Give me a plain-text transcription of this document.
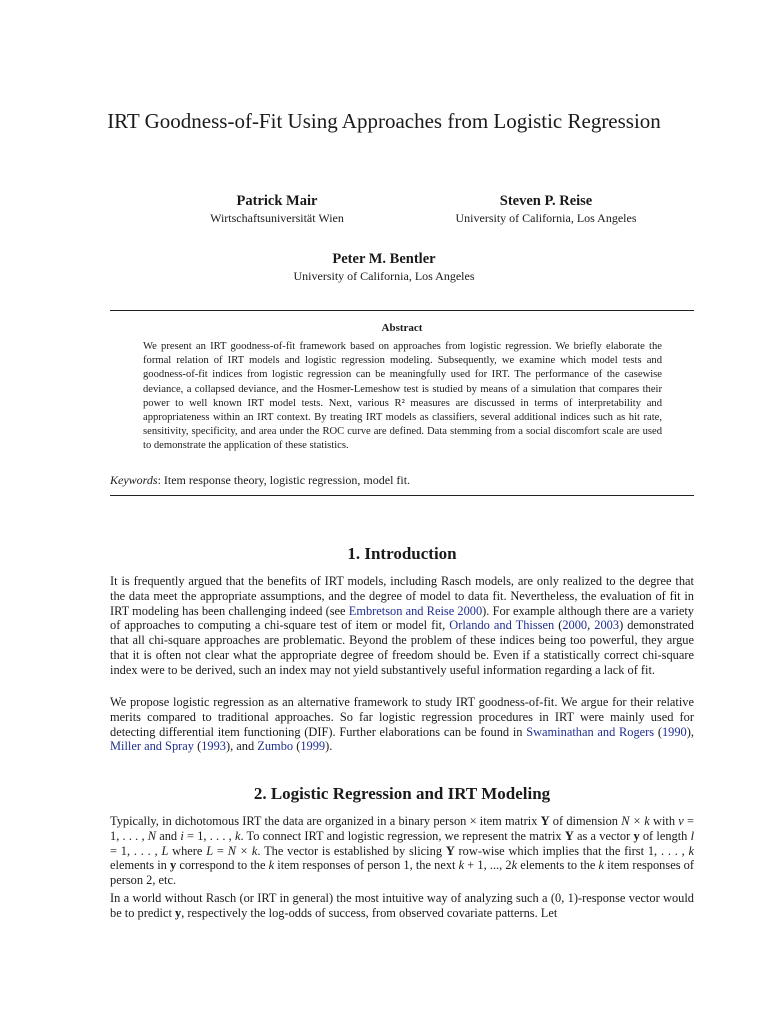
IRT Goodness-of-Fit Using Approaches from Logistic Regression
Patrick Mair
Wirtschaftsuniversität Wien
Steven P. Reise
University of California, Los Angeles
Peter M. Bentler
University of California, Los Angeles
Abstract
We present an IRT goodness-of-fit framework based on approaches from logistic regression. We briefly elaborate the formal relation of IRT models and logistic regression modeling. Subsequently, we examine which model tests and goodness-of-fit indices from logistic regression can be meaningfully used for IRT. The performance of the casewise deviance, a collapsed deviance, and the Hosmer-Lemeshow test is studied by means of a simulation that compares their power to well known IRT model tests. Next, various R² measures are discussed in terms of interpretability and appropriateness within an IRT context. By treating IRT models as classifiers, several additional indices such as hit rate, sensitivity, specificity, and area under the ROC curve are defined. Data stemming from a social discomfort scale are used to demonstrate the application of these statistics.
Keywords: Item response theory, logistic regression, model fit.
1. Introduction
It is frequently argued that the benefits of IRT models, including Rasch models, are only realized to the degree that the data meet the appropriate assumptions, and the degree of model to data fit. Nevertheless, the evaluation of fit in IRT modeling has been challenging indeed (see Embretson and Reise 2000). For example although there are a variety of approaches to computing a chi-square test of item or model fit, Orlando and Thissen (2000, 2003) demonstrated that all chi-square approaches are problematic. Beyond the problem of these indices being too powerful, they argue that it is often not clear what the appropriate degree of freedom should be. Even if a statistically correct chi-square index were to be derived, such an index may not yield substantively useful information regarding a lack of fit.
We propose logistic regression as an alternative framework to study IRT goodness-of-fit. We argue for their relative merits compared to traditional approaches. So far logistic regression procedures in IRT were mainly used for detecting differential item functioning (DIF). Further elaborations can be found in Swaminathan and Rogers (1990), Miller and Spray (1993), and Zumbo (1999).
2. Logistic Regression and IRT Modeling
Typically, in dichotomous IRT the data are organized in a binary person × item matrix Y of dimension N × k with v = 1, . . . , N and i = 1, . . . , k. To connect IRT and logistic regression, we represent the matrix Y as a vector y of length l = 1, . . . , L where L = N × k. The vector is established by slicing Y row-wise which implies that the first 1, . . . , k elements in y correspond to the k item responses of person 1, the next k + 1, ..., 2k elements to the k item responses of person 2, etc.
In a world without Rasch (or IRT in general) the most intuitive way of analyzing such a (0, 1)-response vector would be to predict y, respectively the log-odds of success, from observed covariate patterns. Let
